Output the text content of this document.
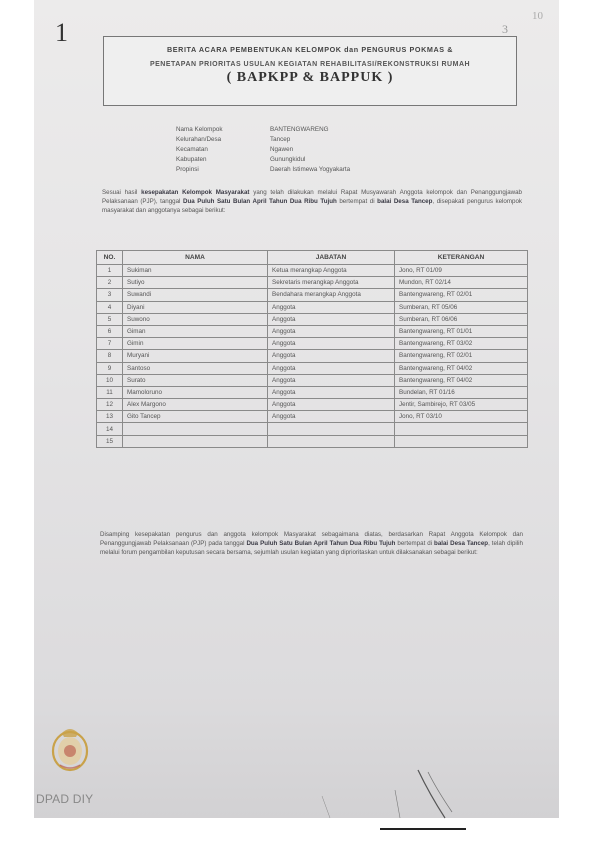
1	3
10
BERITA ACARA PEMBENTUKAN KELOMPOK dan PENGURUS POKMAS &
PENETAPAN PRIORITAS USULAN KEGIATAN REHABILITASI/REKONSTRUKSI RUMAH
( BAPKPP & BAPPUK )
Nama Kelompok	BANTENGWARENG
Kelurahan/Desa	Tancep
Kecamatan	Ngawen
Kabupaten	Gunungkidul
Propinsi	Daerah Istimewa Yogyakarta
Sesuai hasil kesepakatan Kelompok Masyarakat yang telah dilakukan melalui Rapat Musyawarah Anggota kelompok dan Penanggungjawab Pelaksanaan (PJP), tanggal Dua Puluh Satu Bulan April Tahun Dua Ribu Tujuh bertempat di balai Desa Tancep, disepakati pengurus kelompok masyarakat dan anggotanya sebagai berikut:
NO.	NAMA	JABATAN	KETERANGAN
1	Sukiman	Ketua merangkap Anggota	Jono, RT 01/09
2	Sutiyo	Sekretaris merangkap Anggota	Mundon, RT 02/14
3	Suwandi	Bendahara merangkap Anggota	Bantengwareng, RT 02/01
4	Diyani	Anggota	Sumberan, RT 05/06
5	Suwono	Anggota	Sumberan, RT 06/06
6	Giman	Anggota	Bantengwareng, RT 01/01
7	Gimin	Anggota	Bantengwareng, RT 03/02
8	Muryani	Anggota	Bantengwareng, RT 02/01
9	Santoso	Anggota	Bantengwareng, RT 04/02
10	Surato	Anggota	Bantengwareng, RT 04/02
11	Mamoloruno	Anggota	Bundelan, RT 01/16
12	Alex Margono	Anggota	Jentir, Sambirejo, RT 03/05
13	Gito Tancep	Anggota	Jono, RT 03/10
14			
15			
Disamping kesepakatan pengurus dan anggota kelompok Masyarakat sebagaimana diatas, berdasarkan Rapat Anggota Kelompok dan Penanggungjawab Pelaksanaan (PJP) pada tanggal Dua Puluh Satu Bulan April Tahun Dua Ribu Tujuh bertempat di balai Desa Tancep, telah dipilih melalui forum pengambilan keputusan secara bersama, sejumlah usulan kegiatan yang diprioritaskan untuk dilaksanakan sebagai berikut:
DPAD DIY
